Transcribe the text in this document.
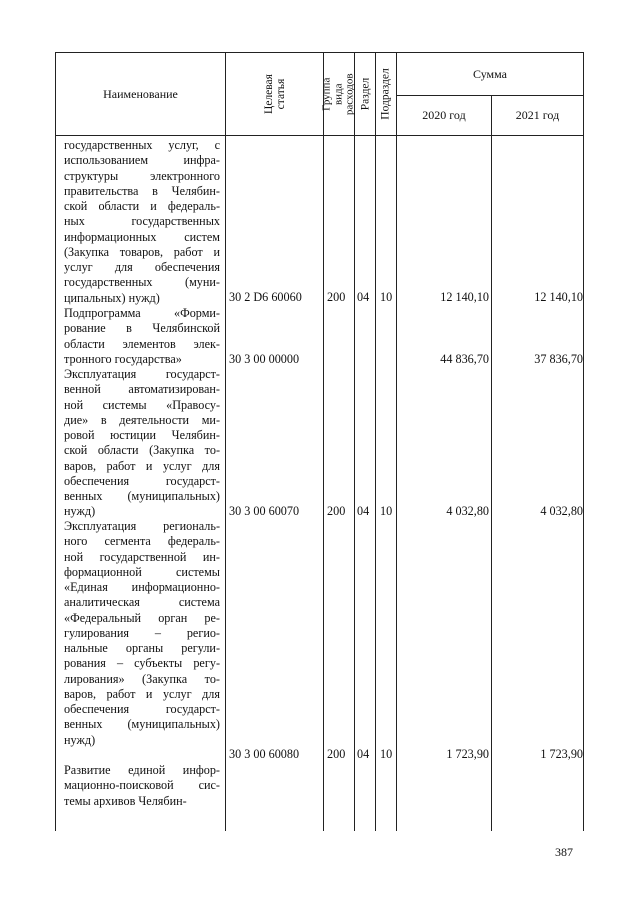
Наименование	Целевая статья	Группа вида расходов Раздел Подраздел	Сумма
2020 год	2021 год
государственных услуг, с
использованием инфра-
структуры электронного
правительства в Челябин-
ской области и федераль-
ных государственных
информационных систем
(Закупка товаров, работ и
услуг для обеспечения
государственных (муни-
ципальных) нужд)	30 2 D6 60060 200 04 10	12 140,10	12 140,10
Подпрограмма «Форми-
рование в Челябинской
области элементов элек-
тронного государства»	30 3 00 00000	44 836,70	37 836,70
Эксплуатация государст-
венной автоматизирован-
ной системы «Правосу-
дие» в деятельности ми-
ровой юстиции Челябин-
ской области (Закупка то-
варов, работ и услуг для
обеспечения государст-
венных (муниципальных)
нужд)	30 3 00 60070 200 04 10	4 032,80	4 032,80
Эксплуатация региональ-
ного сегмента федераль-
ной государственной ин-
формационной системы
«Единая информационно-
аналитическая система
«Федеральный орган ре-
гулирования – регио-
нальные органы регули-
рования – субъекты регу-
лирования» (Закупка то-
варов, работ и услуг для
обеспечения государст-
венных (муниципальных)
нужд)
30 3 00 60080 200 04 10	1 723,90	1 723,90
Развитие единой инфор-
мационно-поисковой сис-
темы архивов Челябин-
387
